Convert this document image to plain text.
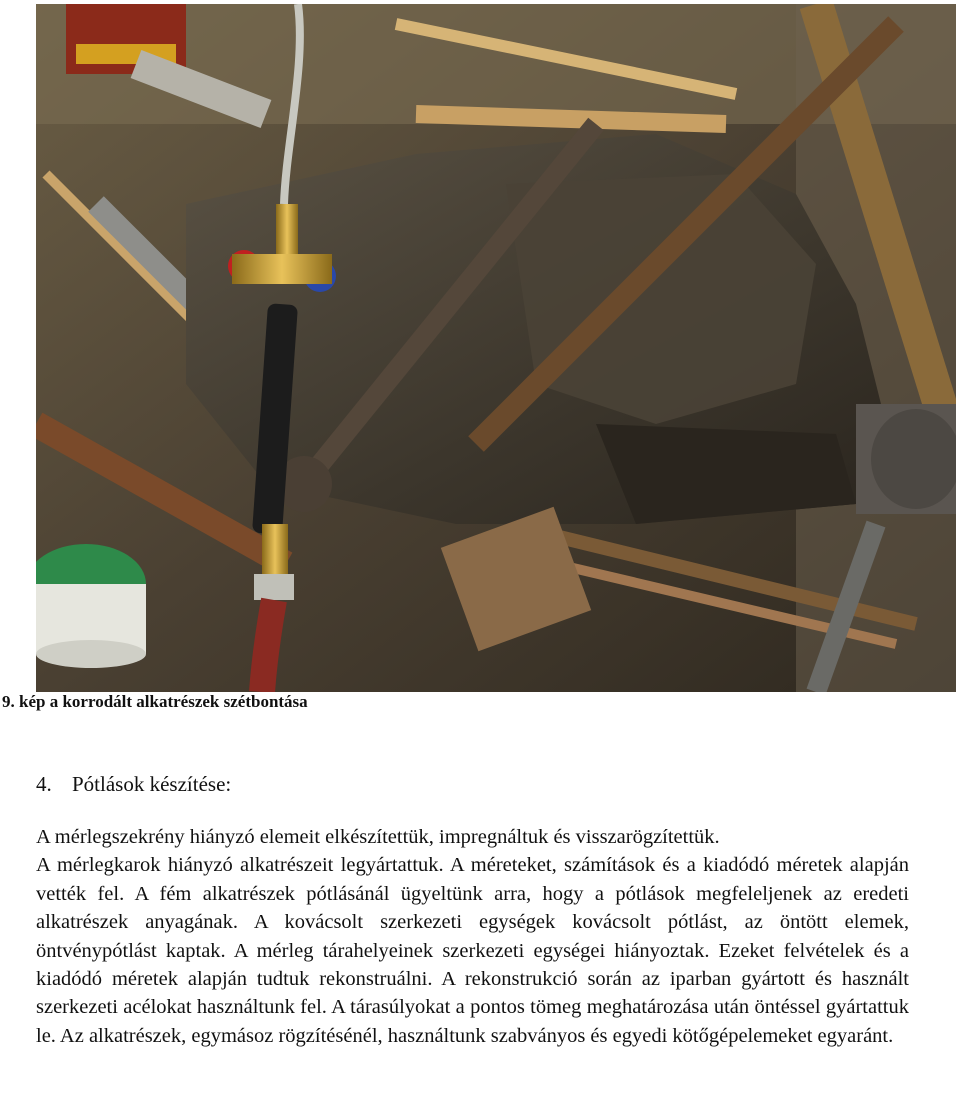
9. kép a korrodált alkatrészek szétbontása
4. Pótlások készítése:

A mérlegszekrény hiányzó elemeit elkészítettük, impregnáltuk és visszarögzítettük.

A mérlegkarok hiányzó alkatrészeit legyártattuk. A méreteket, számítások és a kiadódó méretek alapján vették fel. A fém alkatrészek pótlásánál ügyeltünk arra, hogy a pótlások megfeleljenek az eredeti alkatrészek anyagának. A kovácsolt szerkezeti egységek kovácsolt pótlást, az öntött elemek, öntvénypótlást kaptak. A mérleg tárahelyeinek szerkezeti egységei hiányoztak. Ezeket felvételek és a kiadódó méretek alapján tudtuk rekonstruálni. A rekonstrukció során az iparban gyártott és használt szerkezeti acélokat használtunk fel. A tárasúlyokat a pontos tömeg meghatározása után öntéssel gyártattuk le. Az alkatrészek, egymásoz rögzítésénél, használtunk szabványos és egyedi kötőgépelemeket egyaránt.
